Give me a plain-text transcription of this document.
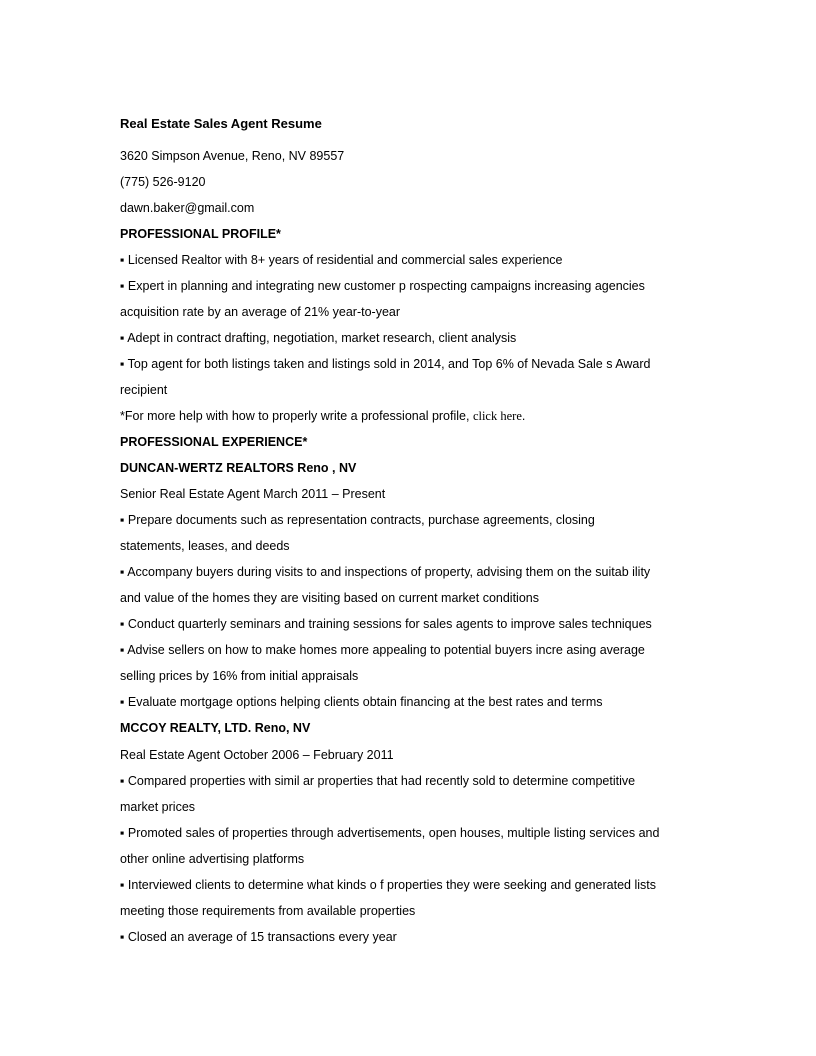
Real Estate Sales Agent Resume
3620 Simpson Avenue, Reno, NV 89557
(775) 526-9120
dawn.baker@gmail.com
PROFESSIONAL PROFILE*
▪ Licensed Realtor with 8+ years of residential and commercial sales experience
▪ Expert in planning and integrating new customer p rospecting campaigns increasing agencies
acquisition rate by an average of 21% year-to-year
▪ Adept in contract drafting, negotiation, market research, client analysis
▪ Top agent for both listings taken and listings sold in 2014, and Top 6% of Nevada Sale s Award
recipient
*For more help with how to properly write a professional profile, click here.
PROFESSIONAL EXPERIENCE*
DUNCAN-WERTZ REALTORS Reno , NV
Senior Real Estate Agent March 2011 – Present
▪ Prepare documents such as representation contracts, purchase agreements, closing
statements, leases, and deeds
▪ Accompany buyers during visits to and inspections of property, advising them on the suitab ility
and value of the homes they are visiting based on current market conditions
▪ Conduct quarterly seminars and training sessions for sales agents to improve sales techniques
▪ Advise sellers on how to make homes more appealing to potential buyers incre asing average
selling prices by 16% from initial appraisals
▪ Evaluate mortgage options helping clients obtain financing at the best rates and terms
MCCOY REALTY, LTD. Reno, NV
Real Estate Agent October 2006 – February 2011
▪ Compared properties with simil ar properties that had recently sold to determine competitive
market prices
▪ Promoted sales of properties through advertisements, open houses, multiple listing services and
other online advertising platforms
▪ Interviewed clients to determine what kinds o f properties they were seeking and generated lists
meeting those requirements from available properties
▪ Closed an average of 15 transactions every year
